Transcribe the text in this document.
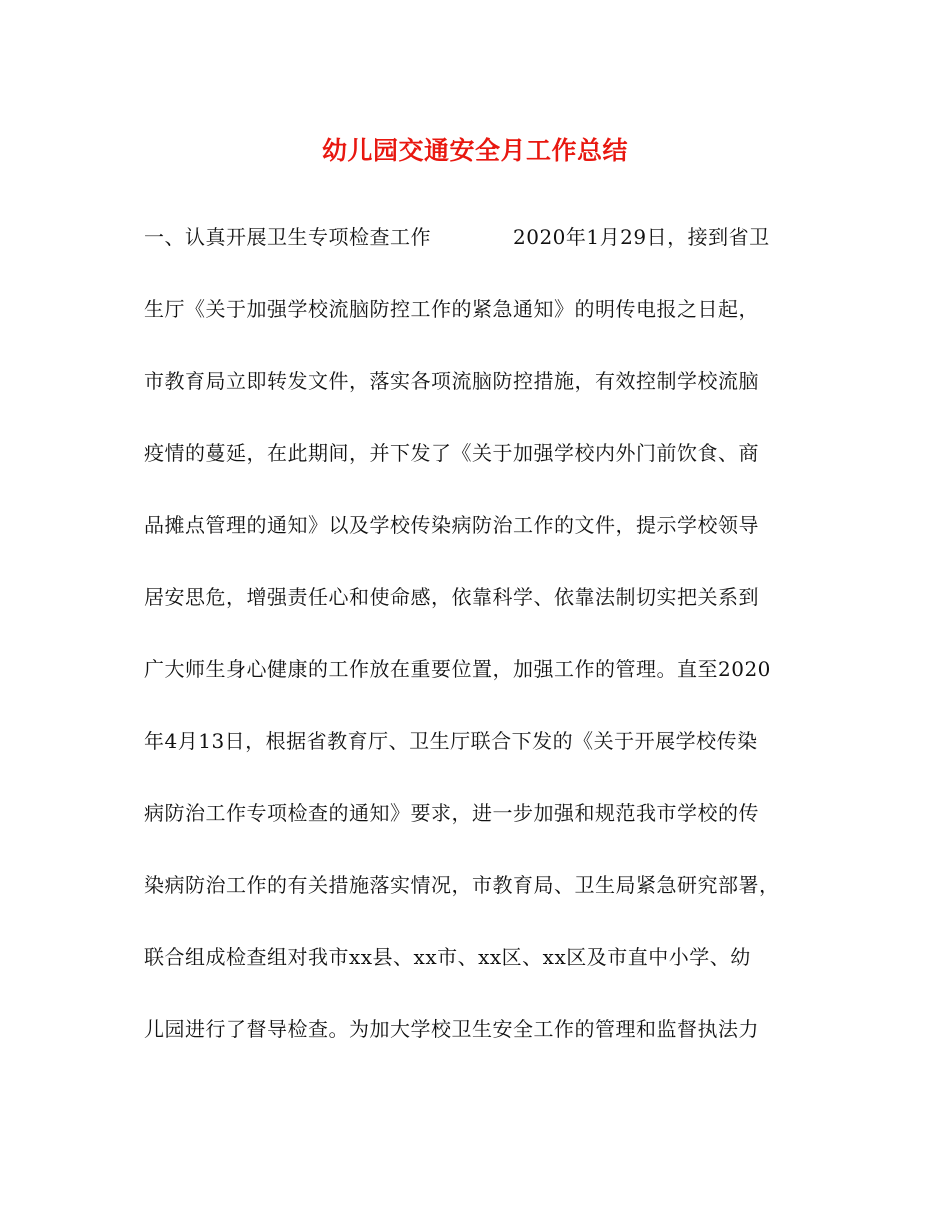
幼儿园交通安全月工作总结
一、认真开展卫生专项检查工作　　　　2020年1月29日，接到省卫
生厅《关于加强学校流脑防控工作的紧急通知》的明传电报之日起，
市教育局立即转发文件，落实各项流脑防控措施，有效控制学校流脑
疫情的蔓延，在此期间，并下发了《关于加强学校内外门前饮食、商
品摊点管理的通知》以及学校传染病防治工作的文件，提示学校领导
居安思危，增强责任心和使命感，依靠科学、依靠法制切实把关系到
广大师生身心健康的工作放在重要位置，加强工作的管理。直至2020
年4月13日，根据省教育厅、卫生厅联合下发的《关于开展学校传染
病防治工作专项检查的通知》要求，进一步加强和规范我市学校的传
染病防治工作的有关措施落实情况，市教育局、卫生局紧急研究部署，
联合组成检查组对我市xx县、xx市、xx区、xx区及市直中小学、幼
儿园进行了督导检查。为加大学校卫生安全工作的管理和监督执法力
